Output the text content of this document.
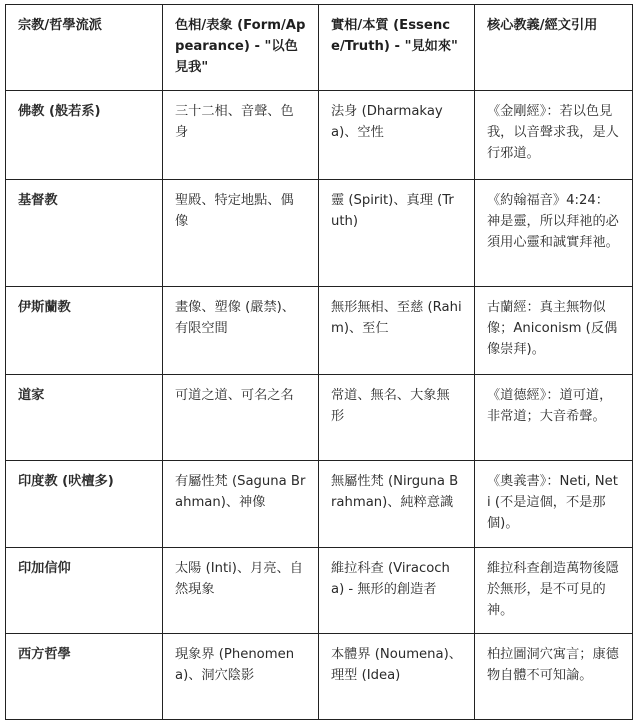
宗教/哲學流派	色相/表象 (Form/Appearance) - "以色見我"	實相/本質 (Essence/Truth) - "見如來"	核心教義/經文引用
佛教 (般若系)	三十二相、音聲、色身	法身 (Dharmakaya)、空性	《金剛經》：若以色見我，以音聲求我，是人行邪道。
基督教	聖殿、特定地點、偶像	靈 (Spirit)、真理 (Truth)	《約翰福音》4:24：神是靈，所以拜祂的必須用心靈和誠實拜祂。
伊斯蘭教	畫像、塑像 (嚴禁)、有限空間	無形無相、至慈 (Rahim)、至仁	古蘭經：真主無物似像；Aniconism (反偶像崇拜)。
道家	可道之道、可名之名	常道、無名、大象無形	《道德經》：道可道，非常道；大音希聲。
印度教 (吠檀多)	有屬性梵 (Saguna Brahman)、神像	無屬性梵 (Nirguna Brahman)、純粹意識	《奧義書》：Neti, Neti (不是這個，不是那個)。
印加信仰	太陽 (Inti)、月亮、自然現象	維拉科查 (Viracocha) - 無形的創造者	維拉科查創造萬物後隱於無形，是不可見的神。
西方哲學	現象界 (Phenomena)、洞穴陰影	本體界 (Noumena)、理型 (Idea)	柏拉圖洞穴寓言；康德物自體不可知論。
